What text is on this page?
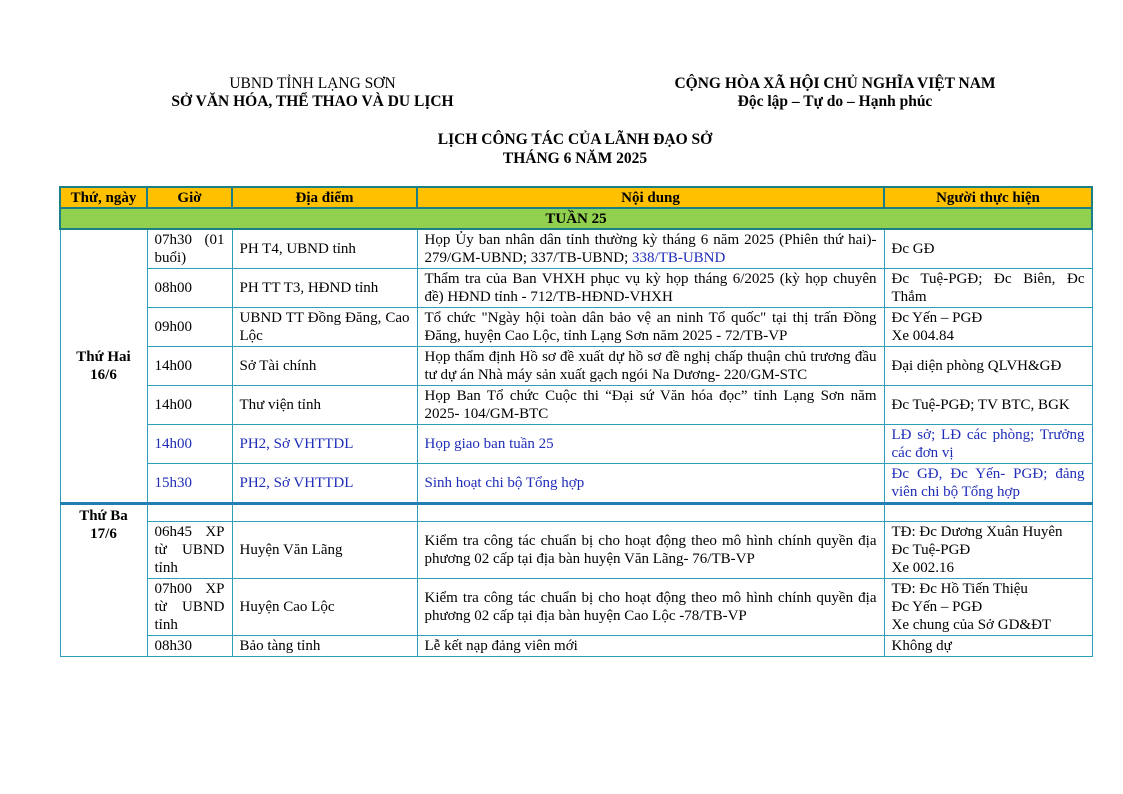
UBND TỈNH LẠNG SƠN
SỞ VĂN HÓA, THỂ THAO VÀ DU LỊCH
CỘNG HÒA XÃ HỘI CHỦ NGHĨA VIỆT NAM
Độc lập – Tự do – Hạnh phúc
LỊCH CÔNG TÁC CỦA LÃNH ĐẠO SỞ
THÁNG 6 NĂM 2025
Thứ, ngày	Giờ	Địa điểm	Nội dung	Người thực hiện
TUẦN 25				

Thứ Hai
16/6	07h30 (01 buổi)	PH T4, UBND tỉnh	Họp Ủy ban nhân dân tỉnh thường kỳ tháng 6 năm 2025 (Phiên thứ hai)- 279/GM-UBND; 337/TB-UBND; 338/TB-UBND	Đc GĐ
	08h00	PH TT T3, HĐND tỉnh	Thẩm tra của Ban VHXH phục vụ kỳ họp tháng 6/2025 (kỳ họp chuyên đề) HĐND tỉnh - 712/TB-HĐND-VHXH	Đc Tuệ-PGĐ; Đc Biên, Đc Thắm
	09h00	UBND TT Đồng Đăng, Cao Lộc	Tổ chức "Ngày hội toàn dân bảo vệ an ninh Tổ quốc" tại thị trấn Đồng Đăng, huyện Cao Lộc, tỉnh Lạng Sơn năm 2025 - 72/TB-VP	Đc Yến – PGĐ
Xe 004.84

	14h00	Sở Tài chính	Họp thẩm định Hồ sơ đề xuất dự hồ sơ đề nghị chấp thuận chủ trương đầu tư dự án Nhà máy sản xuất gạch ngói Na Dương- 220/GM-STC	Đại diện phòng QLVH&GĐ
	14h00	Thư viện tỉnh	Họp Ban Tổ chức Cuộc thi “Đại sứ Văn hóa đọc” tỉnh Lạng Sơn năm 2025- 104/GM-BTC	Đc Tuệ-PGĐ; TV BTC, BGK
	14h00	PH2, Sở VHTTDL	Họp giao ban tuần 25	LĐ sở; LĐ các phòng; Trưởng các đơn vị
	15h30	PH2, Sở VHTTDL	Sinh hoạt chi bộ Tổng hợp	Đc GĐ, Đc Yến- PGĐ; đảng viên chi bộ Tổng hợp

Thứ Ba
17/6				

	06h45 XP từ UBND tỉnh	Huyện Văn Lãng	Kiểm tra công tác chuẩn bị cho hoạt động theo mô hình chính quyền địa phương 02 cấp tại địa bàn huyện Văn Lãng- 76/TB-VP	TĐ: Đc Dương Xuân Huyên
Đc Tuệ-PGĐ
Xe 002.16

	07h00 XP từ UBND tỉnh	Huyện Cao Lộc	Kiểm tra công tác chuẩn bị cho hoạt động theo mô hình chính quyền địa phương 02 cấp tại địa bàn huyện Cao Lộc -78/TB-VP	TĐ: Đc Hồ Tiến Thiệu
Đc Yến – PGĐ
Xe chung của Sở GD&ĐT

	08h30	Bảo tàng tỉnh	Lễ kết nạp đảng viên mới	Không dự
